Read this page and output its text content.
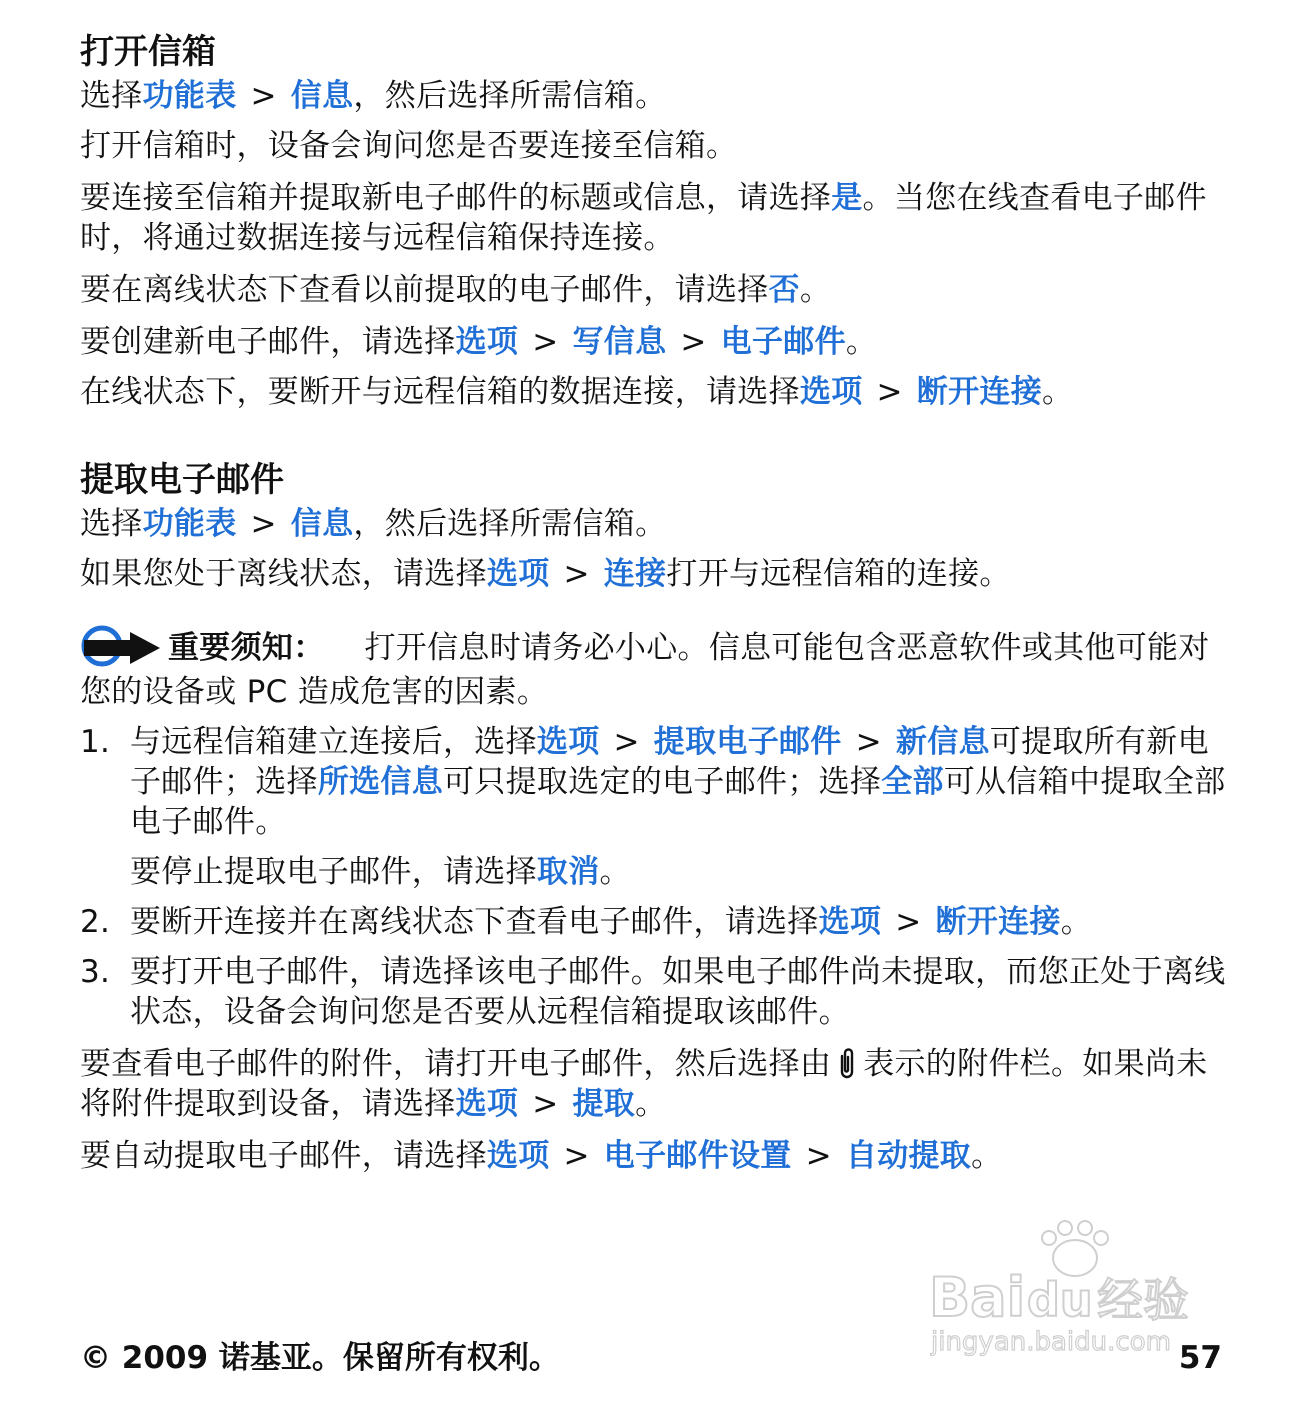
打开信箱

选择功能表 > 信息，然后选择所需信箱。

打开信箱时，设备会询问您是否要连接至信箱。

要连接至信箱并提取新电子邮件的标题或信息，请选择是。当您在线查看电子邮件时，将通过数据连接与远程信箱保持连接。

要在离线状态下查看以前提取的电子邮件，请选择否。

要创建新电子邮件，请选择选项 > 写信息 > 电子邮件。

在线状态下，要断开与远程信箱的数据连接，请选择选项 > 断开连接。

提取电子邮件

选择功能表 > 信息，然后选择所需信箱。

如果您处于离线状态，请选择选项 > 连接打开与远程信箱的连接。

重要须知： 打开信息时请务必小心。信息可能包含恶意软件或其他可能对您的设备或 PC 造成危害的因素。

1. 与远程信箱建立连接后，选择选项 > 提取电子邮件 > 新信息可提取所有新电子邮件；选择所选信息可只提取选定的电子邮件；选择全部可从信箱中提取全部电子邮件。
要停止提取电子邮件，请选择取消。
2. 要断开连接并在离线状态下查看电子邮件，请选择选项 > 断开连接。
3. 要打开电子邮件，请选择该电子邮件。如果电子邮件尚未提取，而您正处于离线状态，设备会询问您是否要从远程信箱提取该邮件。

要查看电子邮件的附件，请打开电子邮件，然后选择由 表示的附件栏。如果尚未将附件提取到设备，请选择选项 > 提取。

要自动提取电子邮件，请选择选项 > 电子邮件设置 > 自动提取。

Bai du 经验
jingyan.baidu.com
© 2009 诺基亚。保留所有权利。	57
